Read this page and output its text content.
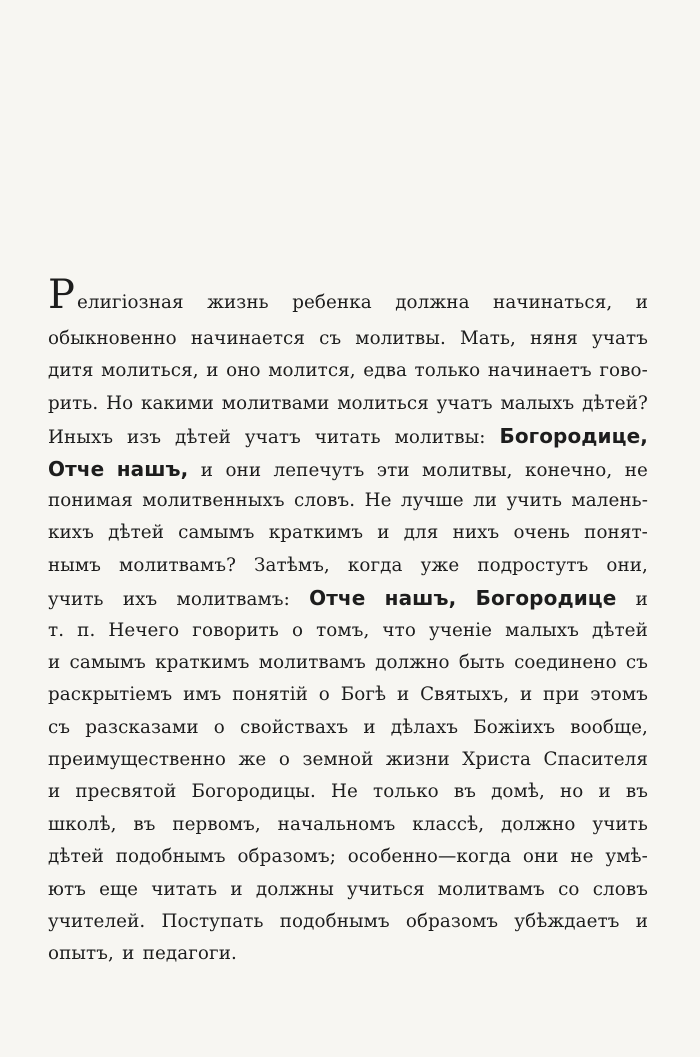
Р елигіозная жизнь ребенка должна начинаться, и
обыкновенно начинается съ молитвы. Мать, няня учатъ
дитя молиться, и оно молится, едва только начинаетъ гово-
рить. Но какими молитвами молиться учатъ малыхъ дѣтей?
Иныхъ изъ дѣтей учатъ читать молитвы: Богородице,
Отче нашъ, и они лепечутъ эти молитвы, конечно, не
понимая молитвенныхъ словъ. Не лучше ли учить малень-
кихъ дѣтей самымъ краткимъ и для нихъ очень понят-
нымъ молитвамъ? Затѣмъ, когда уже подростутъ они,
учить ихъ молитвамъ: Отче нашъ, Богородице и
т. п. Нечего говорить о томъ, что ученіе малыхъ дѣтей
и самымъ краткимъ молитвамъ должно быть соединено съ
раскрытіемъ имъ понятій о Богѣ и Святыхъ, и при этомъ
съ разсказами о свойствахъ и дѣлахъ Божіихъ вообще,
преимущественно же о земной жизни Христа Спасителя
и пресвятой Богородицы. Не только въ домѣ, но и въ
школѣ, въ первомъ, начальномъ классѣ, должно учить
дѣтей подобнымъ образомъ; особенно—когда они не умѣ-
ютъ еще читать и должны учиться молитвамъ со словъ
учителей. Поступать подобнымъ образомъ убѣждаетъ и
опытъ, и педагоги.
